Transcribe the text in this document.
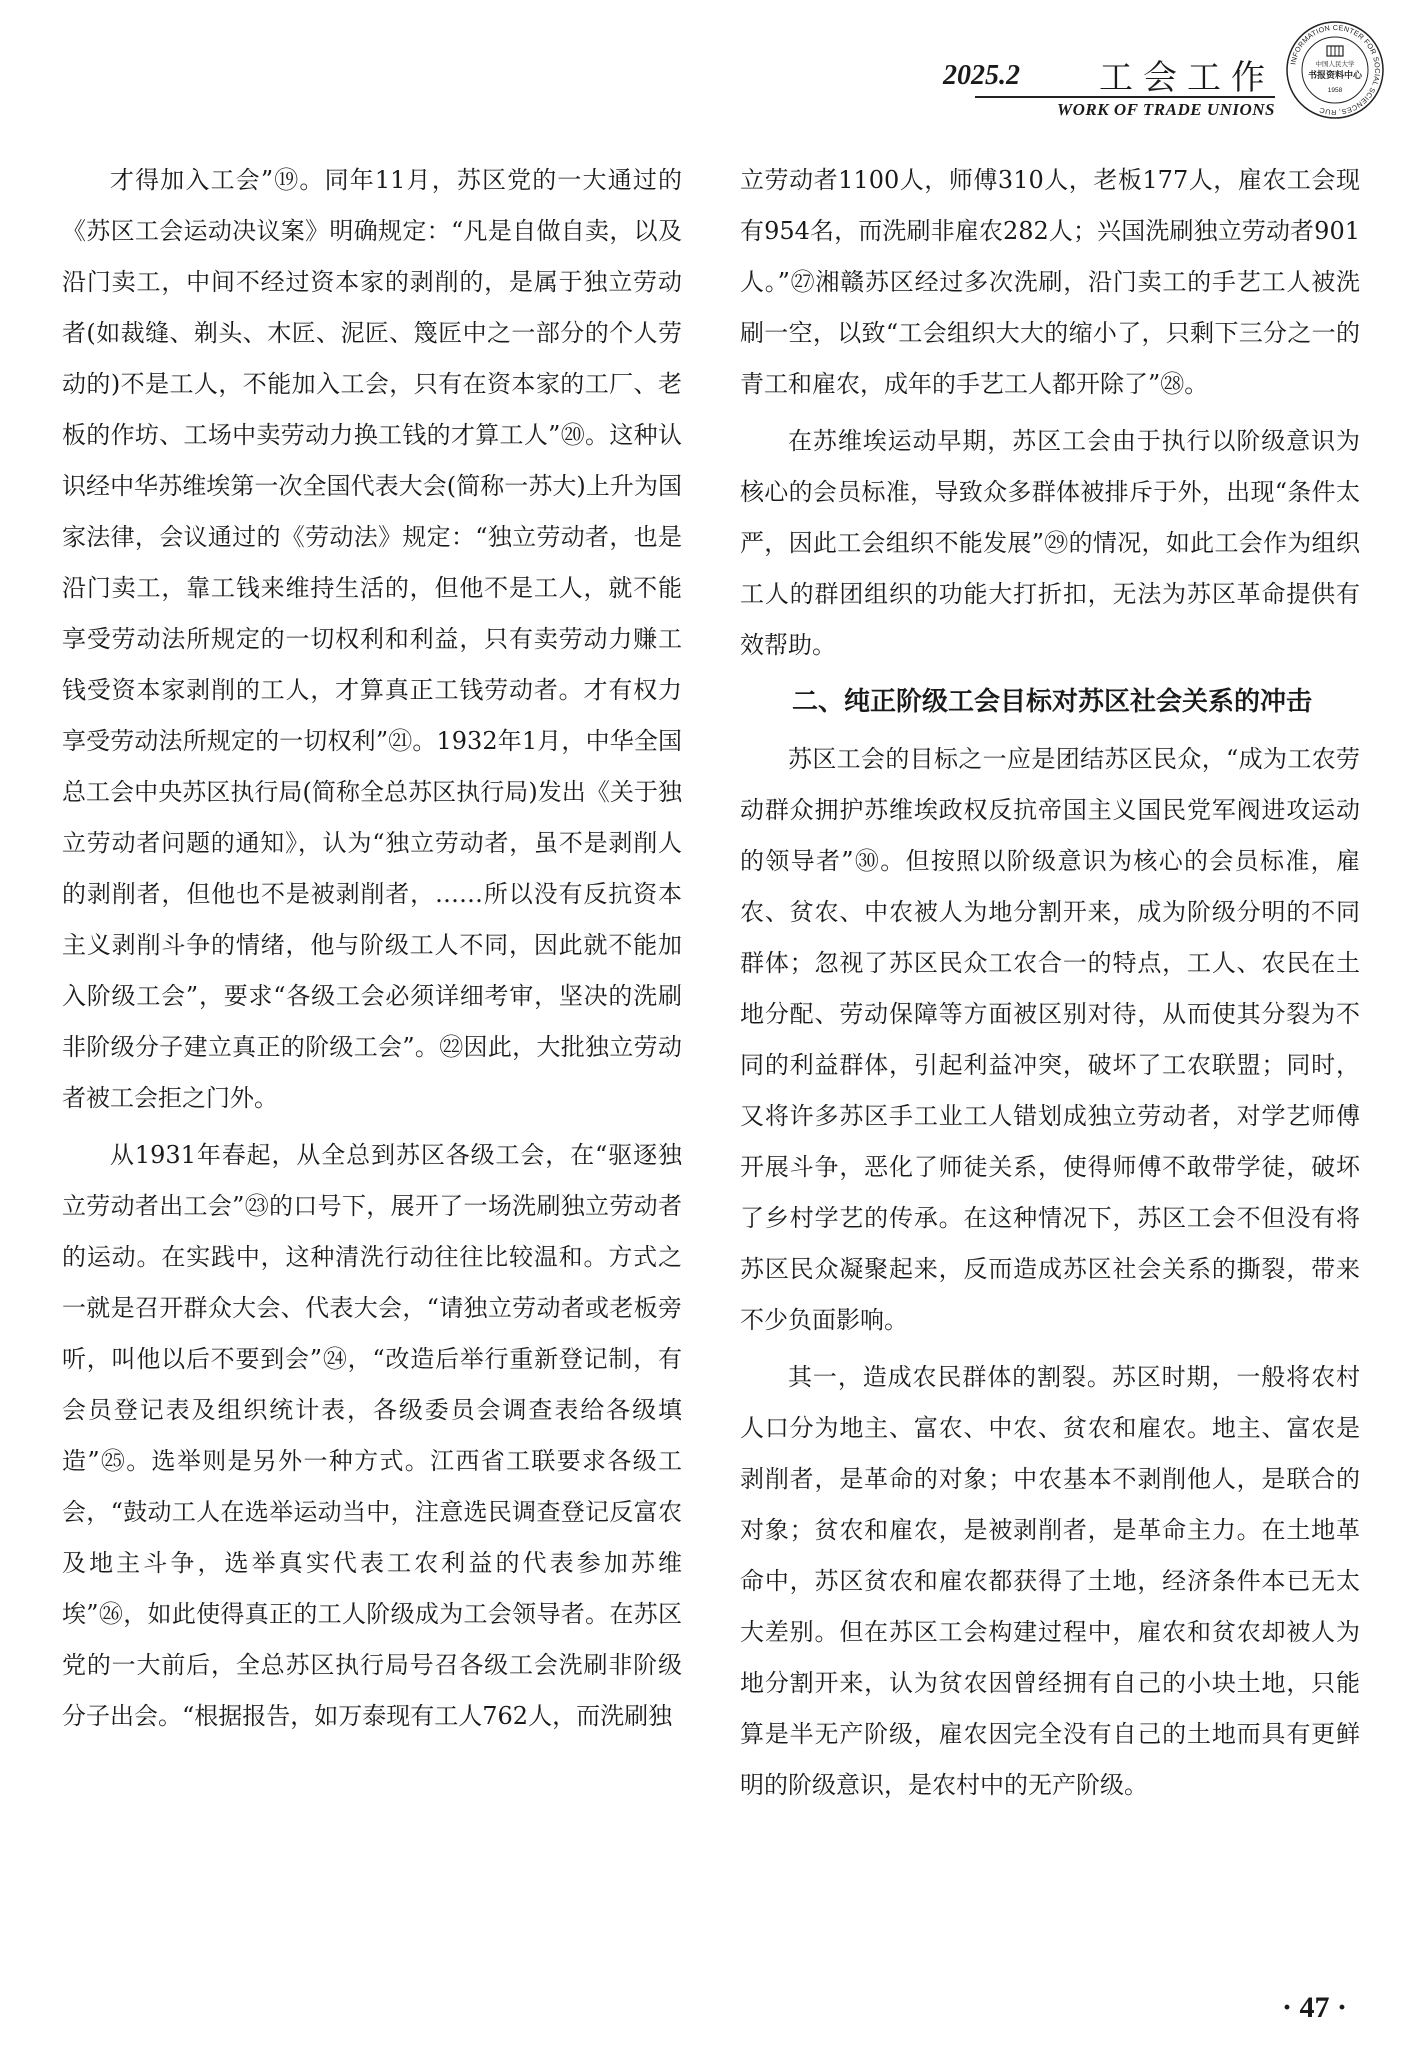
2025.2 工会工作
WORK OF TRADE UNIONS
INFORMATION CENTER FOR SOCIAL SCIENCES, RUC
中国人民大学
书报资料中心
1958

才得加入工会”⑲。同年11月，苏区党的一大通过的《苏区工会运动决议案》明确规定：“凡是自做自卖，以及沿门卖工，中间不经过资本家的剥削的，是属于独立劳动者(如裁缝、剃头、木匠、泥匠、篾匠中之一部分的个人劳动的)不是工人，不能加入工会，只有在资本家的工厂、老板的作坊、工场中卖劳动力换工钱的才算工人”⑳。这种认识经中华苏维埃第一次全国代表大会(简称一苏大)上升为国家法律，会议通过的《劳动法》规定：“独立劳动者，也是沿门卖工，靠工钱来维持生活的，但他不是工人，就不能享受劳动法所规定的一切权利和利益，只有卖劳动力赚工钱受资本家剥削的工人，才算真正工钱劳动者。才有权力享受劳动法所规定的一切权利”㉑。1932年1月，中华全国总工会中央苏区执行局(简称全总苏区执行局)发出《关于独立劳动者问题的通知》，认为“独立劳动者，虽不是剥削人的剥削者，但他也不是被剥削者，……所以没有反抗资本主义剥削斗争的情绪，他与阶级工人不同，因此就不能加入阶级工会”，要求“各级工会必须详细考审，坚决的洗刷非阶级分子建立真正的阶级工会”。㉒因此，大批独立劳动者被工会拒之门外。

从1931年春起，从全总到苏区各级工会，在“驱逐独立劳动者出工会”㉓的口号下，展开了一场洗刷独立劳动者的运动。在实践中，这种清洗行动往往比较温和。方式之一就是召开群众大会、代表大会，“请独立劳动者或老板旁听，叫他以后不要到会”㉔，“改造后举行重新登记制，有会员登记表及组织统计表，各级委员会调查表给各级填造”㉕。选举则是另外一种方式。江西省工联要求各级工会，“鼓动工人在选举运动当中，注意选民调查登记反富农及地主斗争，选举真实代表工农利益的代表参加苏维埃”㉖，如此使得真正的工人阶级成为工会领导者。在苏区党的一大前后，全总苏区执行局号召各级工会洗刷非阶级分子出会。“根据报告，如万泰现有工人762人，而洗刷独

立劳动者1100人，师傅310人，老板177人，雇农工会现有954名，而洗刷非雇农282人；兴国洗刷独立劳动者901人。”㉗湘赣苏区经过多次洗刷，沿门卖工的手艺工人被洗刷一空，以致“工会组织大大的缩小了，只剩下三分之一的青工和雇农，成年的手艺工人都开除了”㉘。

在苏维埃运动早期，苏区工会由于执行以阶级意识为核心的会员标准，导致众多群体被排斥于外，出现“条件太严，因此工会组织不能发展”㉙的情况，如此工会作为组织工人的群团组织的功能大打折扣，无法为苏区革命提供有效帮助。

二、纯正阶级工会目标对苏区社会关系的冲击

苏区工会的目标之一应是团结苏区民众，“成为工农劳动群众拥护苏维埃政权反抗帝国主义国民党军阀进攻运动的领导者”㉚。但按照以阶级意识为核心的会员标准，雇农、贫农、中农被人为地分割开来，成为阶级分明的不同群体；忽视了苏区民众工农合一的特点，工人、农民在土地分配、劳动保障等方面被区别对待，从而使其分裂为不同的利益群体，引起利益冲突，破坏了工农联盟；同时，又将许多苏区手工业工人错划成独立劳动者，对学艺师傅开展斗争，恶化了师徒关系，使得师傅不敢带学徒，破坏了乡村学艺的传承。在这种情况下，苏区工会不但没有将苏区民众凝聚起来，反而造成苏区社会关系的撕裂，带来不少负面影响。

其一，造成农民群体的割裂。苏区时期，一般将农村人口分为地主、富农、中农、贫农和雇农。地主、富农是剥削者，是革命的对象；中农基本不剥削他人，是联合的对象；贫农和雇农，是被剥削者，是革命主力。在土地革命中，苏区贫农和雇农都获得了土地，经济条件本已无太大差别。但在苏区工会构建过程中，雇农和贫农却被人为地分割开来，认为贫农因曾经拥有自己的小块土地，只能算是半无产阶级，雇农因完全没有自己的土地而具有更鲜明的阶级意识，是农村中的无产阶级。

· 47 ·
